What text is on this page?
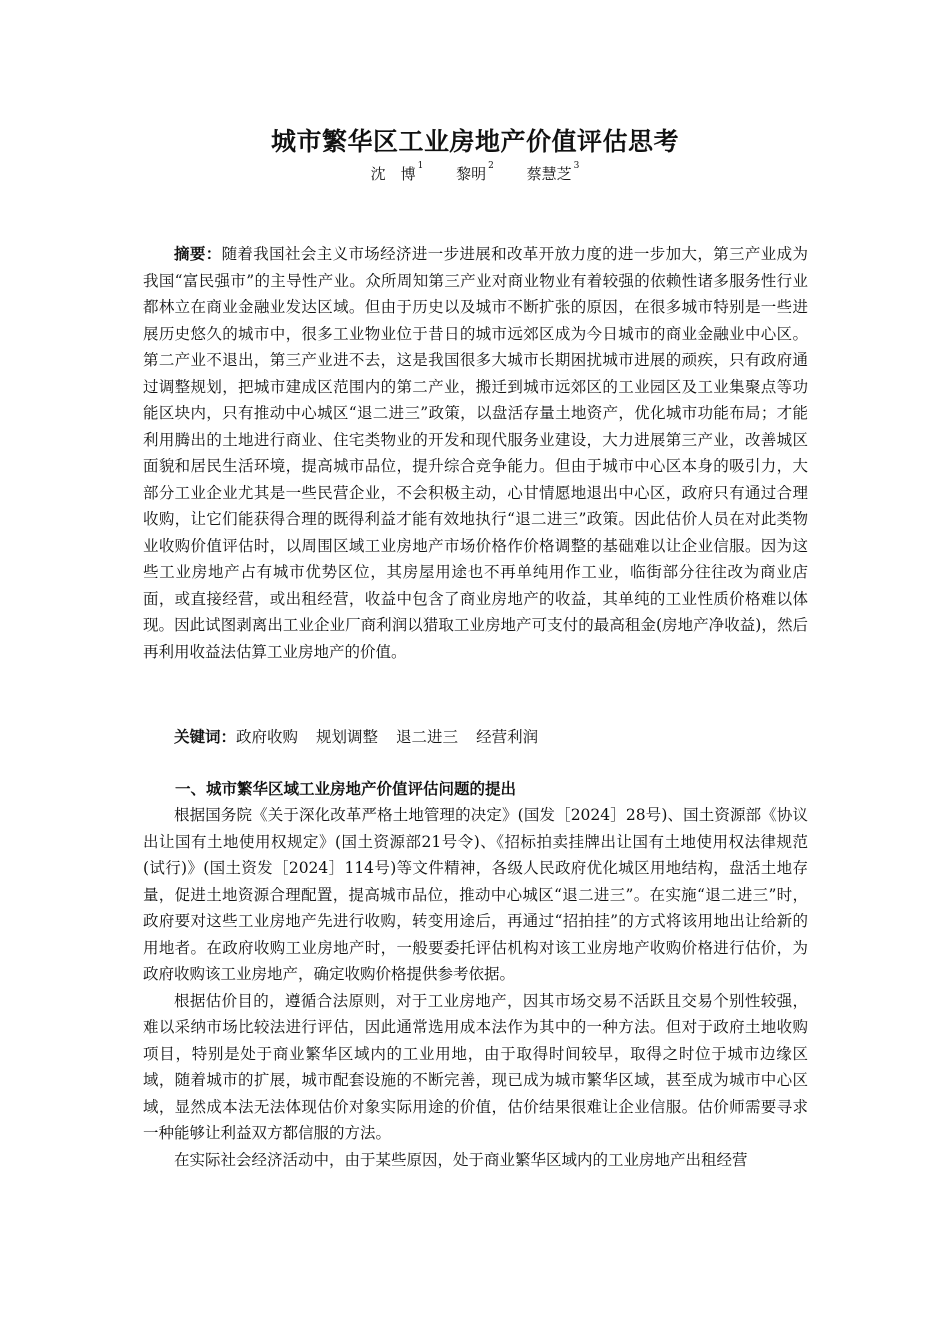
城市繁华区工业房地产价值评估思考
沈　博 $^1$ 黎明 $^2$ 蔡慧芝 $^3$
摘要：随着我国社会主义市场经济进一步进展和改革开放力度的进一步加大，第三产业成为我国“富民强市”的主导性产业。众所周知第三产业对商业物业有着较强的依赖性诸多服务性行业都林立在商业金融业发达区域。但由于历史以及城市不断扩张的原因，在很多城市特别是一些进展历史悠久的城市中，很多工业物业位于昔日的城市远郊区成为今日城市的商业金融业中心区。第二产业不退出，第三产业进不去，这是我国很多大城市长期困扰城市进展的顽疾，只有政府通过调整规划，把城市建成区范围内的第二产业，搬迁到城市远郊区的工业园区及工业集聚点等功能区块内，只有推动中心城区“退二进三”政策，以盘活存量土地资产，优化城市功能布局；才能利用腾出的土地进行商业、住宅类物业的开发和现代服务业建设，大力进展第三产业，改善城区面貌和居民生活环境，提高城市品位，提升综合竞争能力。但由于城市中心区本身的吸引力，大部分工业企业尤其是一些民营企业，不会积极主动，心甘情愿地退出中心区，政府只有通过合理收购，让它们能获得合理的既得利益才能有效地执行“退二进三”政策。因此估价人员在对此类物业收购价值评估时，以周围区域工业房地产市场价格作价格调整的基础难以让企业信服。因为这些工业房地产占有城市优势区位，其房屋用途也不再单纯用作工业，临街部分往往改为商业店面，或直接经营，或出租经营，收益中包含了商业房地产的收益，其单纯的工业性质价格难以体现。因此试图剥离出工业企业厂商利润以猎取工业房地产可支付的最高租金(房地产净收益)，然后再利用收益法估算工业房地产的价值。
关键词：政府收购 规划调整 退二进三 经营利润
一、城市繁华区域工业房地产价值评估问题的提出

根据国务院《关于深化改革严格土地管理的决定》(国发［2024］28号)、国土资源部《协议出让国有土地使用权规定》(国土资源部21号令)、《招标拍卖挂牌出让国有土地使用权法律规范(试行)》(国土资发［2024］114号)等文件精神，各级人民政府优化城区用地结构，盘活土地存量，促进土地资源合理配置，提高城市品位，推动中心城区“退二进三”。在实施“退二进三”时，政府要对这些工业房地产先进行收购，转变用途后，再通过“招拍挂”的方式将该用地出让给新的用地者。在政府收购工业房地产时，一般要委托评估机构对该工业房地产收购价格进行估价，为政府收购该工业房地产，确定收购价格提供参考依据。

根据估价目的，遵循合法原则，对于工业房地产，因其市场交易不活跃且交易个别性较强，难以采纳市场比较法进行评估，因此通常选用成本法作为其中的一种方法。但对于政府土地收购项目，特别是处于商业繁华区域内的工业用地，由于取得时间较早，取得之时位于城市边缘区域，随着城市的扩展，城市配套设施的不断完善，现已成为城市繁华区域，甚至成为城市中心区域，显然成本法无法体现估价对象实际用途的价值，估价结果很难让企业信服。估价师需要寻求一种能够让利益双方都信服的方法。

在实际社会经济活动中，由于某些原因，处于商业繁华区域内的工业房地产出租经营
